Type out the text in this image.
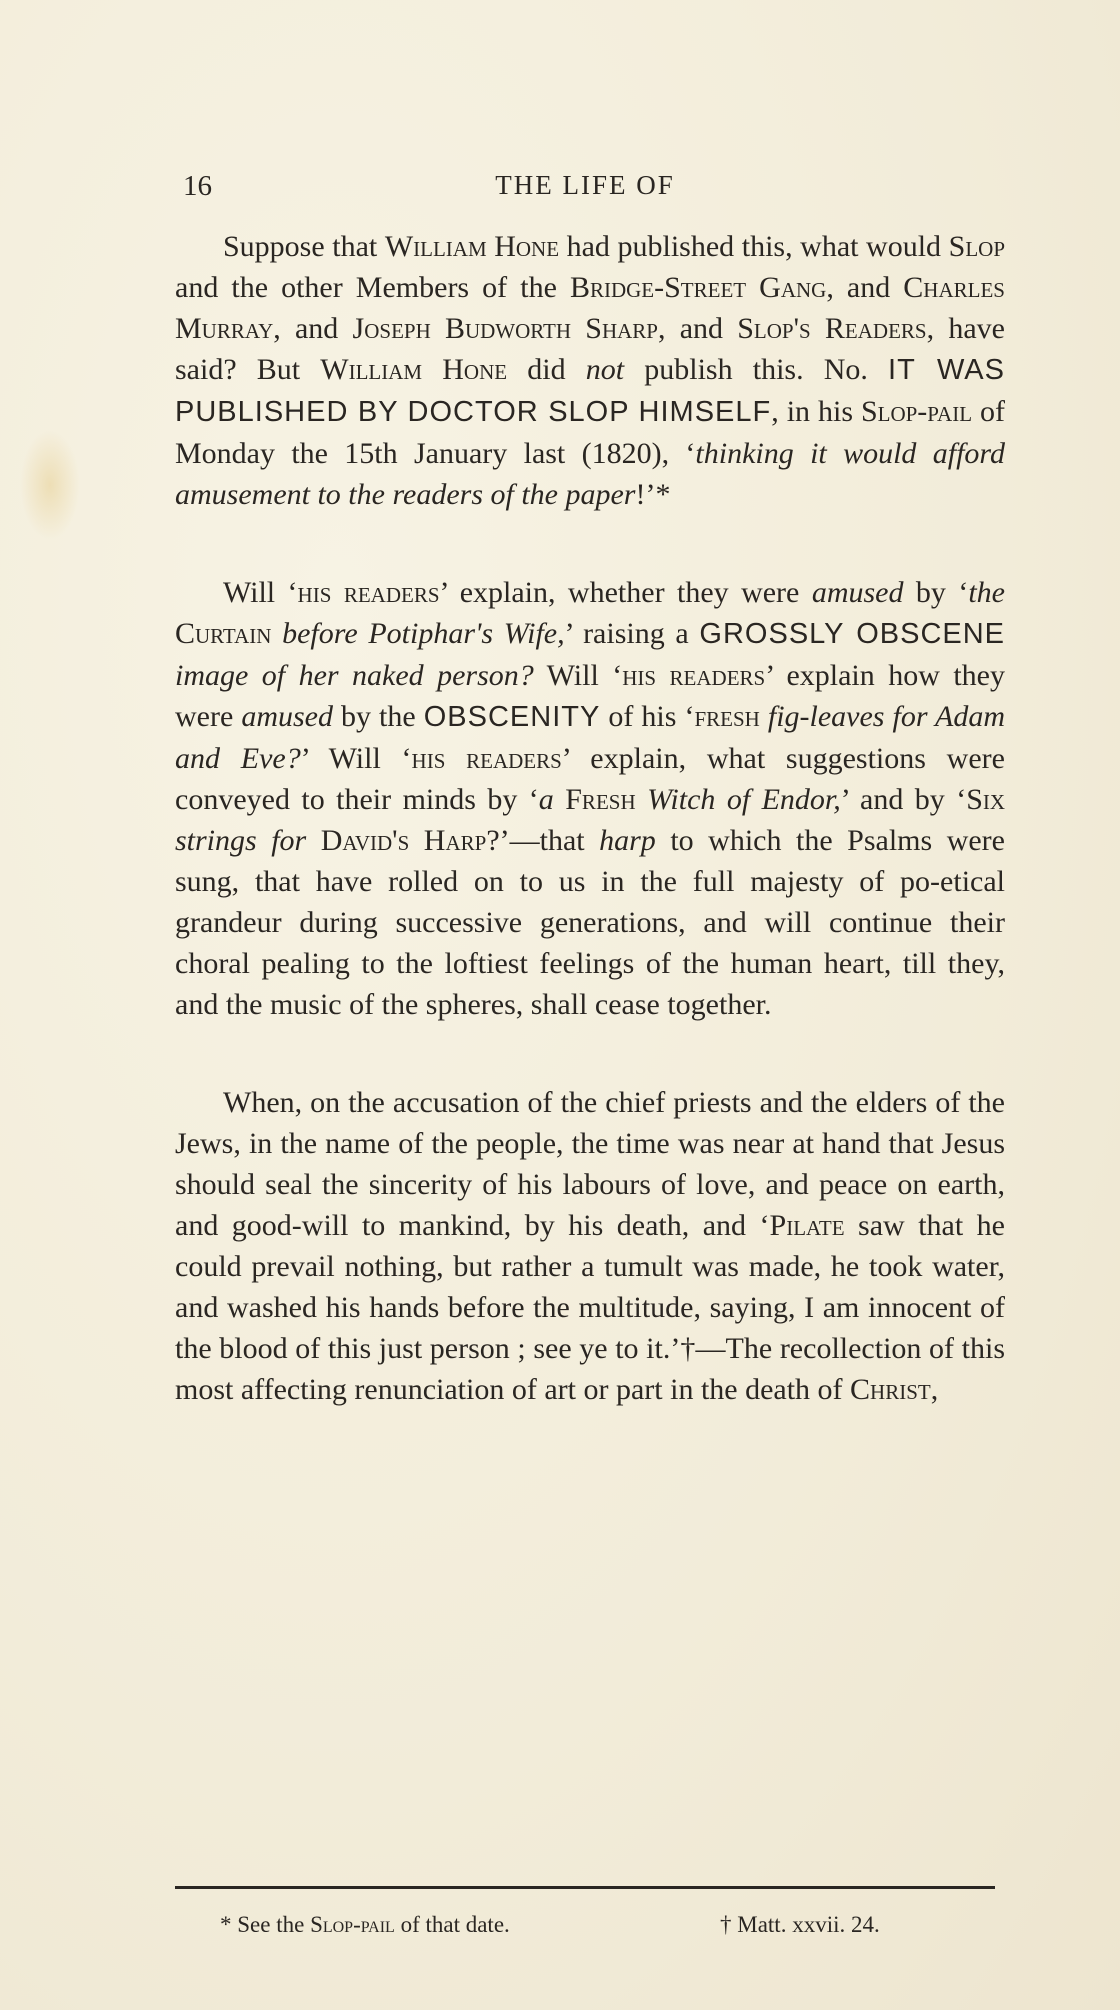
16	THE LIFE OF

Suppose that William Hone had published this, what would Slop and the other Members of the Bridge-Street Gang, and Charles Murray, and Joseph Budworth Sharp, and Slop's Readers, have said? But William Hone did not publish this. No. IT WAS PUBLISHED BY DOCTOR SLOP HIMSELF, in his Slop-pail of Monday the 15th January last (1820), ‘thinking it would afford amusement to the readers of the paper!’*

Will ‘his readers’ explain, whether they were amused by ‘the Curtain before Potiphar's Wife,’ raising a GROSSLY OBSCENE image of her naked person? Will ‘his readers’ explain how they were amused by the OBSCENITY of his ‘fresh fig-leaves for Adam and Eve?’ Will ‘his readers’ explain, what suggestions were conveyed to their minds by ‘a Fresh Witch of Endor,’ and by ‘Six strings for David's Harp?’—that harp to which the Psalms were sung, that have rolled on to us in the full majesty of po-etical grandeur during successive generations, and will continue their choral pealing to the loftiest feelings of the human heart, till they, and the music of the spheres, shall cease together.

When, on the accusation of the chief priests and the elders of the Jews, in the name of the people, the time was near at hand that Jesus should seal the sincerity of his labours of love, and peace on earth, and good-will to mankind, by his death, and ‘Pilate saw that he could prevail nothing, but rather a tumult was made, he took water, and washed his hands before the multitude, saying, I am innocent of the blood of this just person ; see ye to it.’†—The recollection of this most affecting renunciation of art or part in the death of Christ,

* See the Slop-pail of that date.	† Matt. xxvii. 24.
